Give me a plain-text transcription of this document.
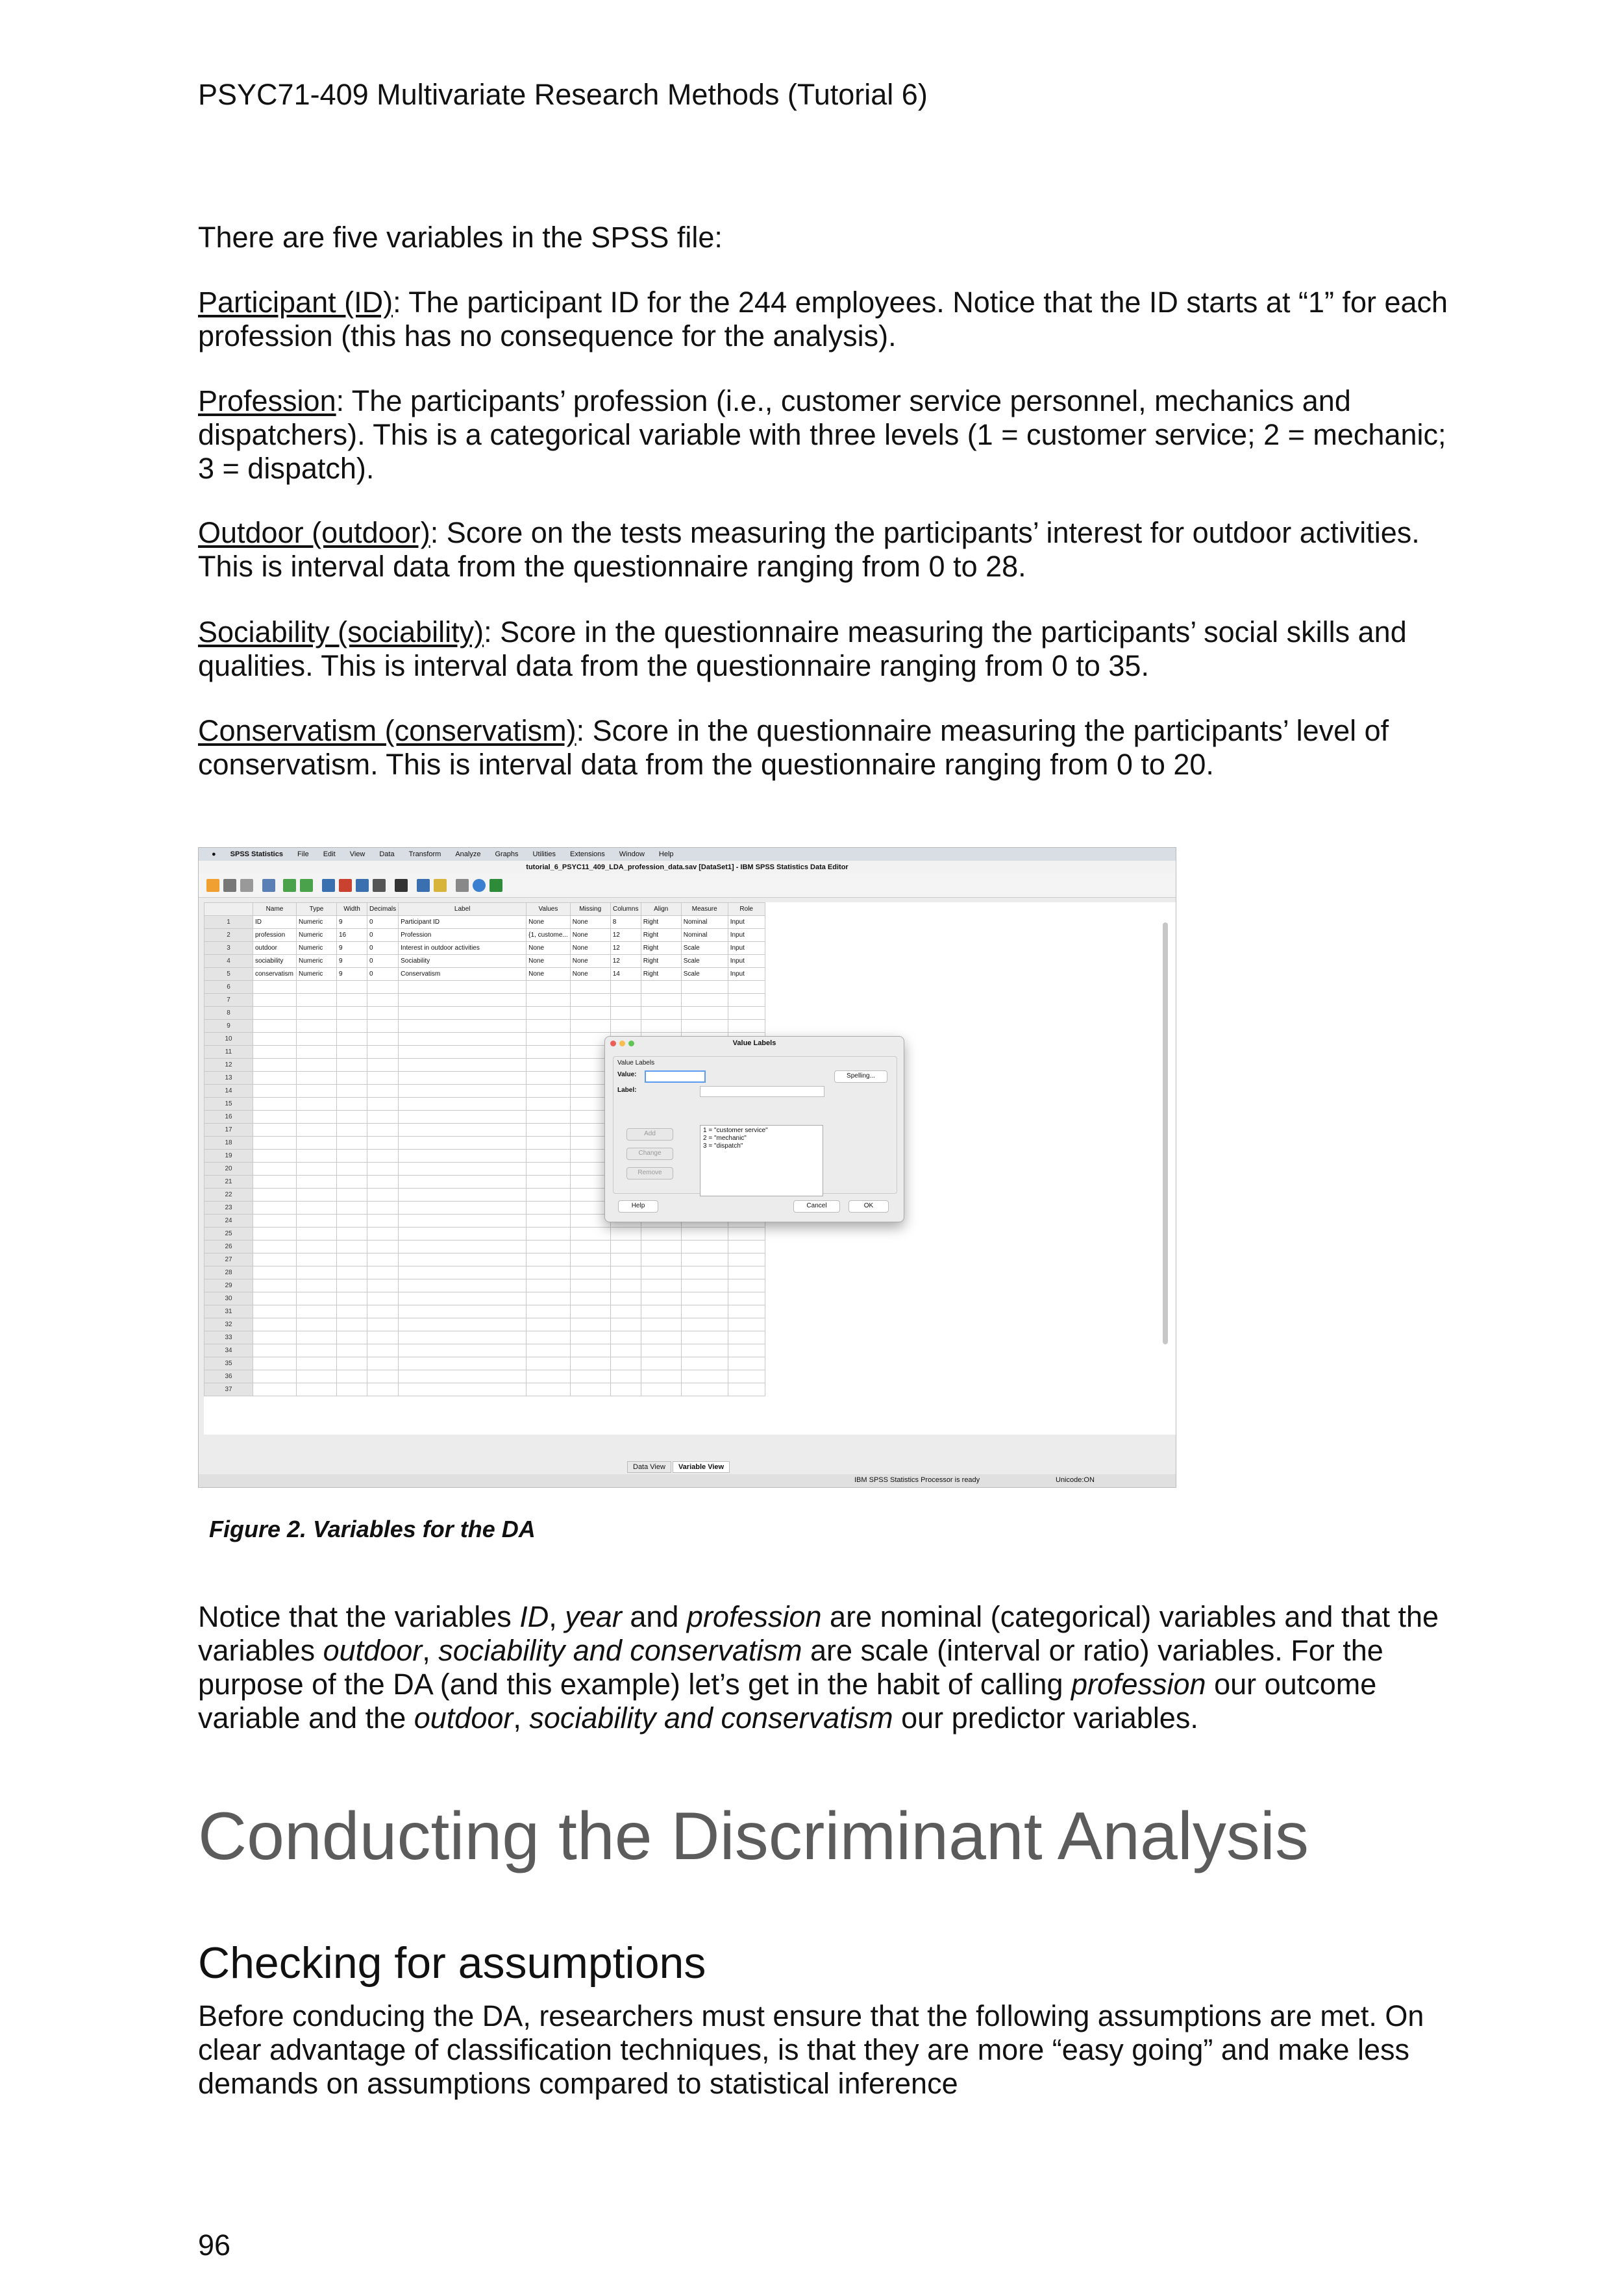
PSYC71-409 Multivariate Research Methods (Tutorial 6)

There are five variables in the SPSS file:

Participant (ID): The participant ID for the 244 employees. Notice that the ID starts at “1” for each profession (this has no consequence for the analysis).

Profession: The participants’ profession (i.e., customer service personnel, mechanics and dispatchers). This is a categorical variable with three levels (1 = customer service; 2 = mechanic; 3 = dispatch).

Outdoor (outdoor): Score on the tests measuring the participants’ interest for outdoor activities. This is interval data from the questionnaire ranging from 0 to 28.

Sociability (sociability): Score in the questionnaire measuring the participants’ social skills and qualities. This is interval data from the questionnaire ranging from 0 to 35.

Conservatism (conservatism): Score in the questionnaire measuring the participants’ level of conservatism. This is interval data from the questionnaire ranging from 0 to 20.

● SPSS Statistics File Edit View Data Transform Analyze Graphs Utilities Extensions Window Help
tutorial_6_PSYC11_409_LDA_profession_data.sav [DataSet1] - IBM SPSS Statistics Data Editor
	Name	Type	Width	Decimals	Label	Values	Missing	Columns	Align	Measure	Role
1	ID	Numeric	9	0	Participant ID	None	None	8	Right	Nominal	Input
2	profession	Numeric	16	0	Profession	{1, custome...	None	12	Right	Nominal	Input
3	outdoor	Numeric	9	0	Interest in outdoor activities	None	None	12	Right	Scale	Input
4	sociability	Numeric	9	0	Sociability	None	None	12	Right	Scale	Input
5	conservatism	Numeric	9	0	Conservatism	None	None	14	Right	Scale	Input
6											
7											
8											
9											
10											
11											
12											
13											
14											
15											
16											
17											
18											
19											
20											
21											
22											
23											
24											
25											
26											
27											
28											
29											
30											
31											
32											
33											
34											
35											
36											
37											
Value Labels
Value Labels
Value:	Spelling...
Label:
Add
Change
Remove
1 = "customer service"
2 = "mechanic"
3 = "dispatch"
Help	Cancel	OK
Data View	Variable View
IBM SPSS Statistics Processor is ready	Unicode:ON
Figure 2. Variables for the DA

Notice that the variables ID, year and profession are nominal (categorical) variables and that the variables outdoor, sociability and conservatism are scale (interval or ratio) variables. For the purpose of the DA (and this example) let’s get in the habit of calling profession our outcome variable and the outdoor, sociability and conservatism our predictor variables.

Conducting the Discriminant Analysis
Checking for assumptions

Before conducing the DA, researchers must ensure that the following assumptions are met. On clear advantage of classification techniques, is that they are more “easy going” and make less demands on assumptions compared to statistical inference

96
